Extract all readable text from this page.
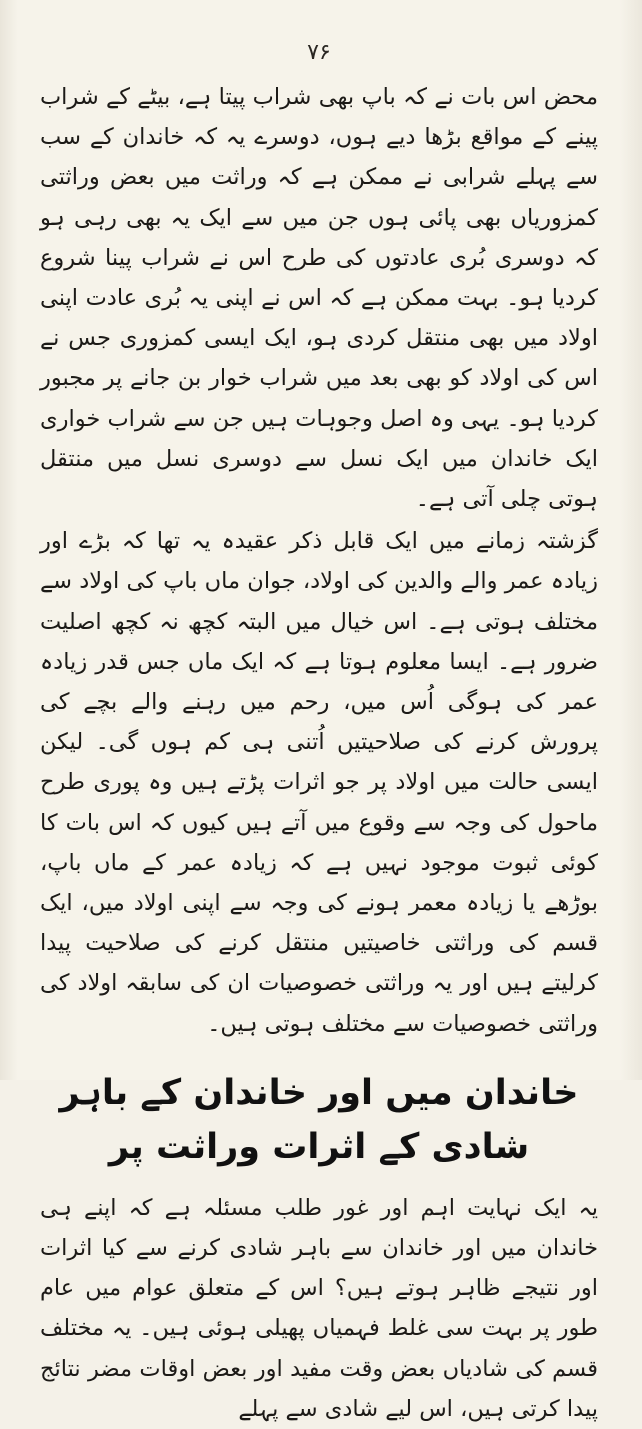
۷۶

محض اس بات نے کہ باپ بھی شراب پیتا ہے، بیٹے کے شراب پینے کے مواقع بڑھا دیے ہوں، دوسرے یہ کہ خاندان کے سب سے پہلے شرابی نے ممکن ہے کہ وراثت میں بعض وراثتی کمزوریاں بھی پائی ہوں جن میں سے ایک یہ بھی رہی ہو کہ دوسری بُری عادتوں کی طرح اس نے شراب پینا شروع کردیا ہو۔ بہت ممکن ہے کہ اس نے اپنی یہ بُری عادت اپنی اولاد میں بھی منتقل کردی ہو، ایک ایسی کمزوری جس نے اس کی اولاد کو بھی بعد میں شراب خوار بن جانے پر مجبور کردیا ہو۔ یہی وہ اصل وجوہات ہیں جن سے شراب خواری ایک خاندان میں ایک نسل سے دوسری نسل میں منتقل ہوتی چلی آتی ہے۔

گزشتہ زمانے میں ایک قابل ذکر عقیدہ یہ تھا کہ بڑے اور زیادہ عمر والے والدین کی اولاد، جوان ماں باپ کی اولاد سے مختلف ہوتی ہے۔ اس خیال میں البتہ کچھ نہ کچھ اصلیت ضرور ہے۔ ایسا معلوم ہوتا ہے کہ ایک ماں جس قدر زیادہ عمر کی ہوگی اُس میں، رحم میں رہنے والے بچے کی پرورش کرنے کی صلاحیتیں اُتنی ہی کم ہوں گی۔ لیکن ایسی حالت میں اولاد پر جو اثرات پڑتے ہیں وہ پوری طرح ماحول کی وجہ سے وقوع میں آتے ہیں کیوں کہ اس بات کا کوئی ثبوت موجود نہیں ہے کہ زیادہ عمر کے ماں باپ، بوڑھے یا زیادہ معمر ہونے کی وجہ سے اپنی اولاد میں، ایک قسم کی وراثتی خاصیتیں منتقل کرنے کی صلاحیت پیدا کرلیتے ہیں اور یہ وراثتی خصوصیات ان کی سابقہ اولاد کی وراثتی خصوصیات سے مختلف ہوتی ہیں۔

خاندان میں اور خاندان کے باہر شادی کے اثرات وراثت پر

یہ ایک نہایت اہم اور غور طلب مسئلہ ہے کہ اپنے ہی خاندان میں اور خاندان سے باہر شادی کرنے سے کیا اثرات اور نتیجے ظاہر ہوتے ہیں؟ اس کے متعلق عوام میں عام طور پر بہت سی غلط فہمیاں پھیلی ہوئی ہیں۔ یہ مختلف قسم کی شادیاں بعض وقت مفید اور بعض اوقات مضر نتائج پیدا کرتی ہیں، اس لیے شادی سے پہلے
